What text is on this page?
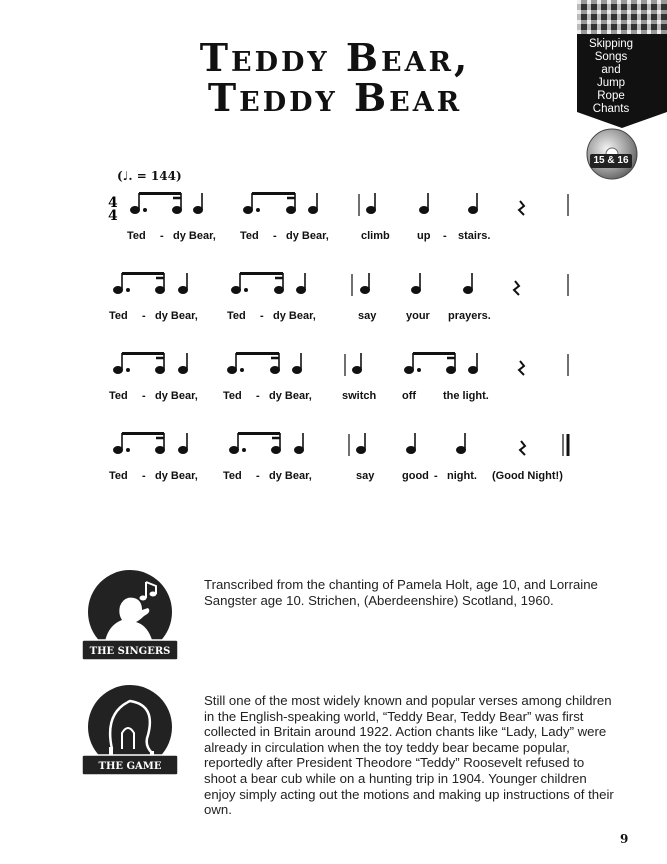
Teddy Bear,
Teddy Bear
Skipping
Songs
and
Jump Rope
Chants
15 & 16
(♩. = 144)
4
4
Ted - dy Bear, Ted - dy Bear,	climb up - stairs.
Ted - dy Bear,	Ted - dy Bear,	say	your prayers.
Ted - dy Bear, Ted - dy Bear,	switch off the light.
Ted - dy Bear, Ted - dy Bear,	say	good - night. (Good Night!)
THE SINGERS

Transcribed from the chanting of Pamela Holt, age 10, and Lorraine Sangster age 10. Strichen, (Aberdeenshire) Scotland, 1960.

THE GAME

Still one of the most widely known and popular verses among children in the English-speaking world, “Teddy Bear, Teddy Bear” was first collected in Britain around 1922. Action chants like “Lady, Lady” were already in circulation when the toy teddy bear became popular, reportedly after President Theodore “Teddy” Roosevelt refused to shoot a bear cub while on a hunting trip in 1904. Younger children enjoy simply acting out the motions and making up instructions of their own.

9
